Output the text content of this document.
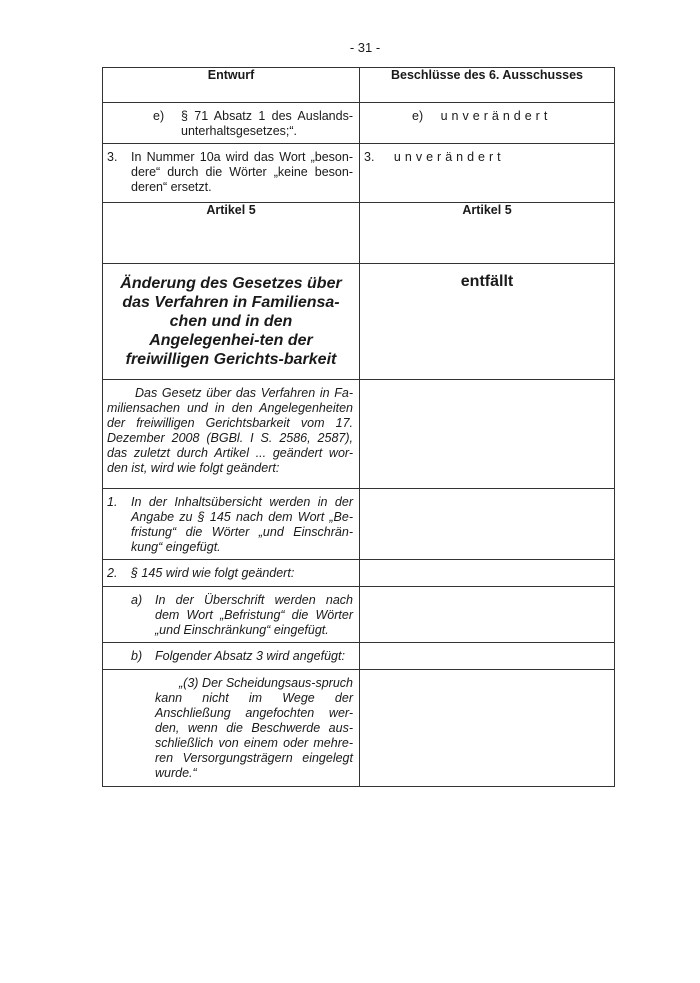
- 31 -
Entwurf	Beschlüsse des 6. Ausschusses

e) § 71 Absatz 1 des Auslands-unterhaltsgesetzes;“.	e) unverändert

3. In Nummer 10a wird das Wort „beson-dere“ durch die Wörter „keine beson-deren“ ersetzt.	3. unverändert

Artikel 5	Artikel 5

Änderung des Gesetzes über das Verfahren in Familiensa-chen und in den Angelegenhei-ten der freiwilligen Gerichts-barkeit	entfällt

Das Gesetz über das Verfahren in Fa-miliensachen und in den Angelegenheiten der freiwilligen Gerichtsbarkeit vom 17. Dezember 2008 (BGBl. I S. 2586, 2587), das zuletzt durch Artikel ... geändert wor-den ist, wird wie folgt geändert:	

1. In der Inhaltsübersicht werden in der Angabe zu § 145 nach dem Wort „Be-fristung“ die Wörter „und Einschrän-kung“ eingefügt.	

2. § 145 wird wie folgt geändert:	

a) In der Überschrift werden nach dem Wort „Befristung“ die Wörter „und Einschränkung“ eingefügt.	

b) Folgender Absatz 3 wird angefügt:	

„(3) Der Scheidungsaus-spruch kann nicht im Wege der Anschließung angefochten wer-den, wenn die Beschwerde aus-schließlich von einem oder mehre-ren Versorgungsträgern eingelegt wurde.“	
